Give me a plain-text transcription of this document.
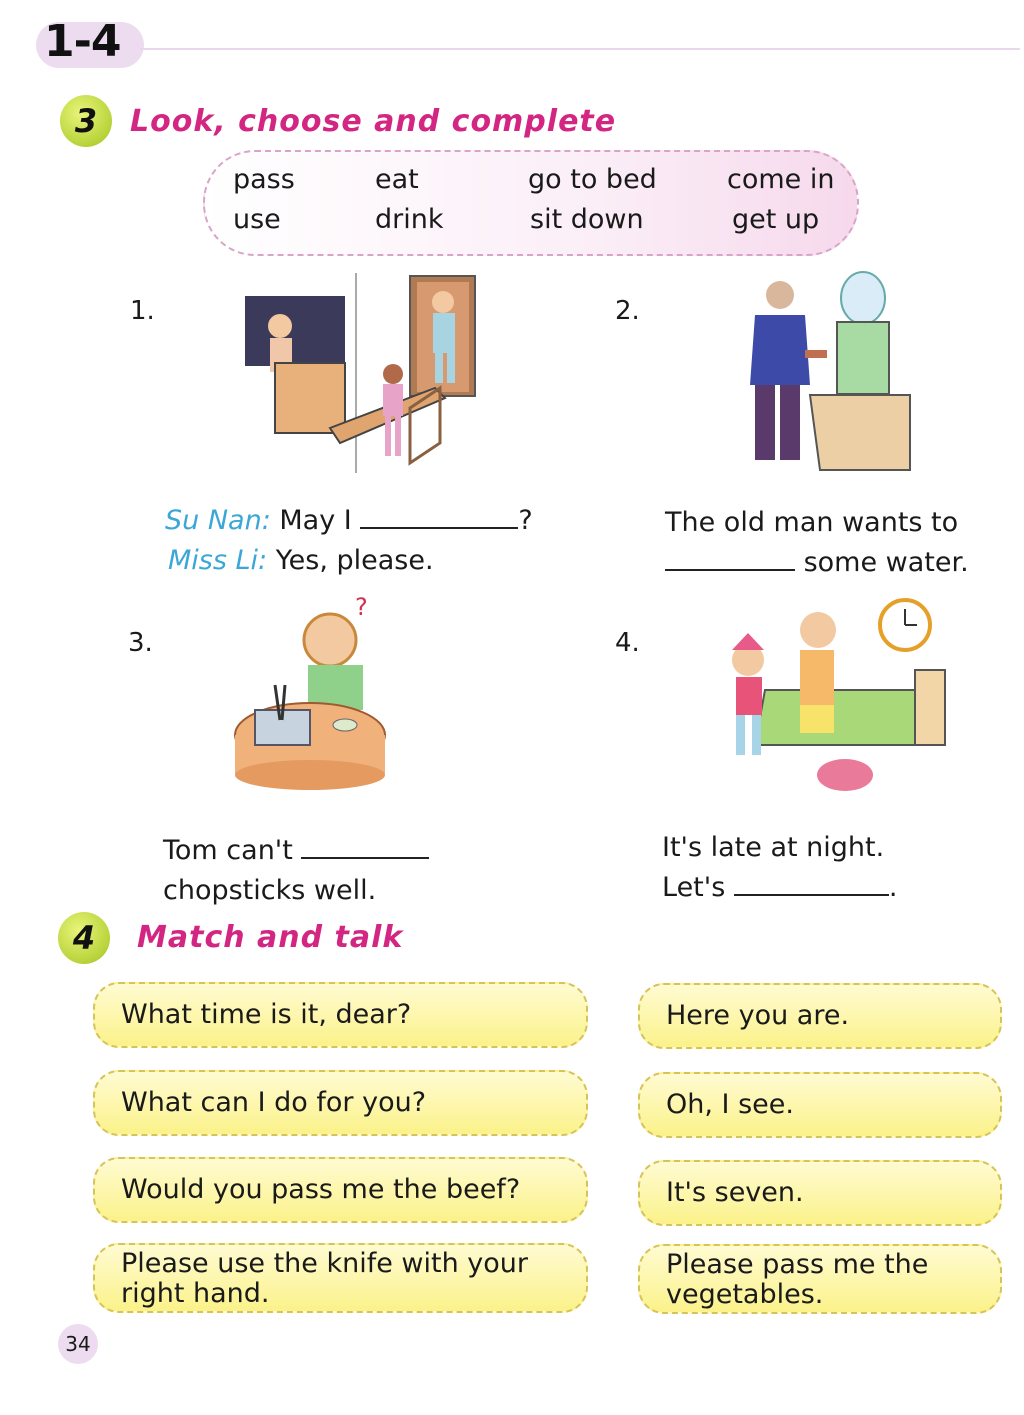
1-4
3	Look, choose and complete
pass	eat	go to bed	come in
use	drink	sit down	get up
1.
Su Nan: May I	?
Miss Li: Yes, please.
2.
The old man wants to
some water.
3.
?
Tom can't
chopsticks well.
4.
It's late at night.
Let's	.
4	Match and talk
What time is it, dear?
What can I do for you?
Would you pass me the beef?
Please use the knife with your right hand.
Here you are.
Oh, I see.
It's seven.
Please pass me the vegetables.
34
